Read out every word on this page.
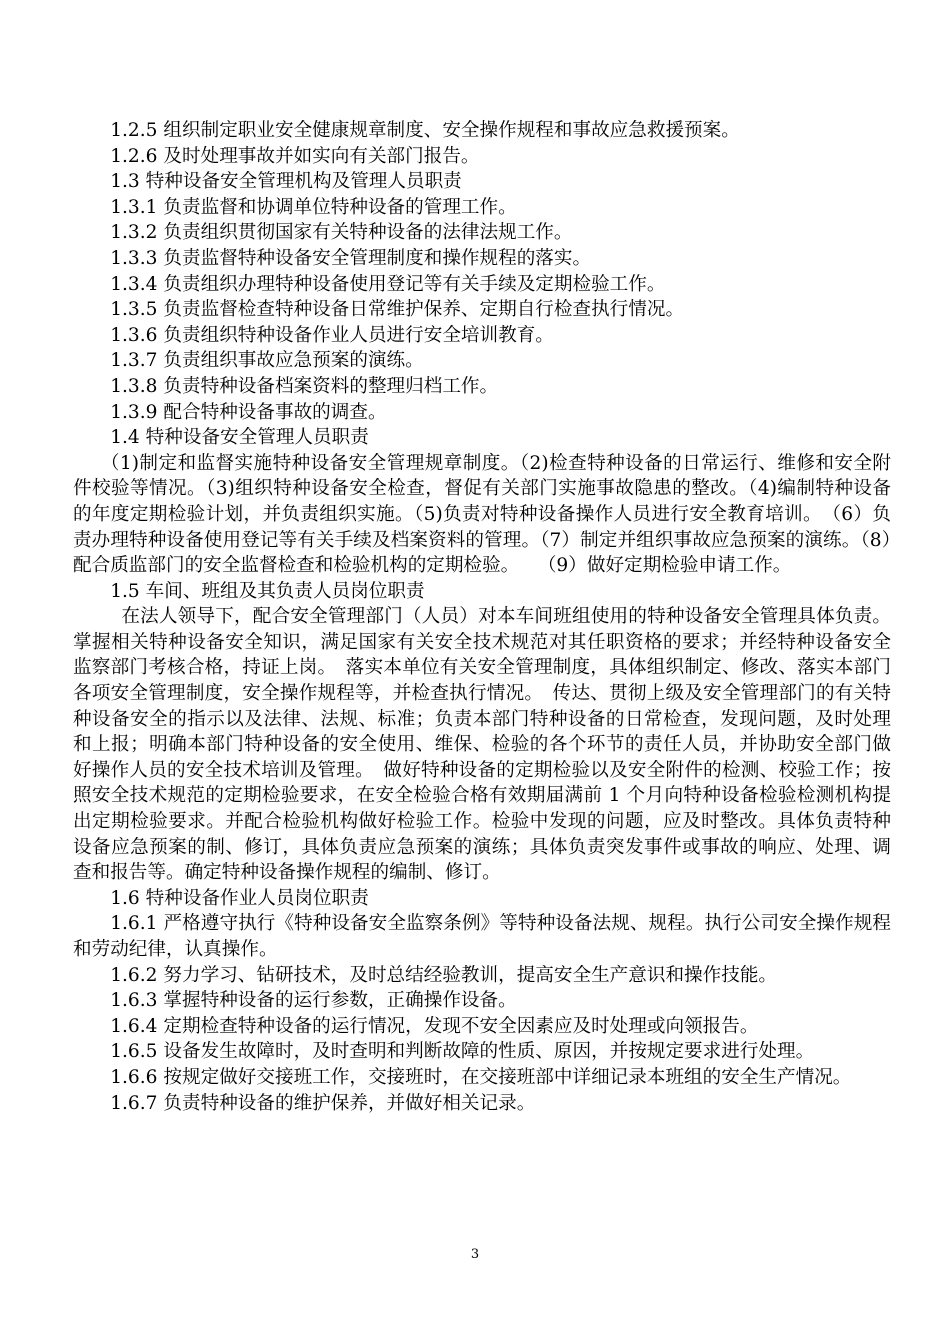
1.2.5 组织制定职业安全健康规章制度、安全操作规程和事故应急救援预案。

1.2.6 及时处理事故并如实向有关部门报告。

1.3 特种设备安全管理机构及管理人员职责

1.3.1 负责监督和协调单位特种设备的管理工作。

1.3.2 负责组织贯彻国家有关特种设备的法律法规工作。

1.3.3 负责监督特种设备安全管理制度和操作规程的落实。

1.3.4 负责组织办理特种设备使用登记等有关手续及定期检验工作。

1.3.5 负责监督检查特种设备日常维护保养、定期自行检查执行情况。

1.3.6 负责组织特种设备作业人员进行安全培训教育。

1.3.7 负责组织事故应急预案的演练。

1.3.8 负责特种设备档案资料的整理归档工作。

1.3.9 配合特种设备事故的调查。

1.4 特种设备安全管理人员职责

（1)制定和监督实施特种设备安全管理规章制度。（2)检查特种设备的日常运行、维修和安全附件校验等情况。（3)组织特种设备安全检查，督促有关部门实施事故隐患的整改。（4)编制特种设备的年度定期检验计划，并负责组织实施。（5)负责对特种设备操作人员进行安全教育培训。　（6）负责办理特种设备使用登记等有关手续及档案资料的管理。（7）制定并组织事故应急预案的演练。（8）配合质监部门的安全监督检查和检验机构的定期检验。　　（9）做好定期检验申请工作。

1.5 车间、班组及其负责人员岗位职责

在法人领导下，配合安全管理部门（人员）对本车间班组使用的特种设备安全管理具体负责。掌握相关特种设备安全知识，满足国家有关安全技术规范对其任职资格的要求；并经特种设备安全监察部门考核合格，持证上岗。　落实本单位有关安全管理制度，具体组织制定、修改、落实本部门各项安全管理制度，安全操作规程等，并检查执行情况。　传达、贯彻上级及安全管理部门的有关特种设备安全的指示以及法律、法规、标准；负责本部门特种设备的日常检查，发现问题，及时处理和上报；明确本部门特种设备的安全使用、维保、检验的各个环节的责任人员，并协助安全部门做好操作人员的安全技术培训及管理。　做好特种设备的定期检验以及安全附件的检测、校验工作；按照安全技术规范的定期检验要求，在安全检验合格有效期届满前 1 个月向特种设备检验检测机构提出定期检验要求。并配合检验机构做好检验工作。检验中发现的问题，应及时整改。具体负责特种设备应急预案的制、修订，具体负责应急预案的演练；具体负责突发事件或事故的响应、处理、调查和报告等。确定特种设备操作规程的编制、修订。

1.6 特种设备作业人员岗位职责

1.6.1 严格遵守执行《特种设备安全监察条例》等特种设备法规、规程。执行公司安全操作规程和劳动纪律，认真操作。

1.6.2 努力学习、钻研技术，及时总结经验教训，提高安全生产意识和操作技能。

1.6.3 掌握特种设备的运行参数，正确操作设备。

1.6.4 定期检查特种设备的运行情况，发现不安全因素应及时处理或向领报告。

1.6.5 设备发生故障时，及时查明和判断故障的性质、原因，并按规定要求进行处理。

1.6.6 按规定做好交接班工作，交接班时，在交接班部中详细记录本班组的安全生产情况。

1.6.7 负责特种设备的维护保养，并做好相关记录。

3
